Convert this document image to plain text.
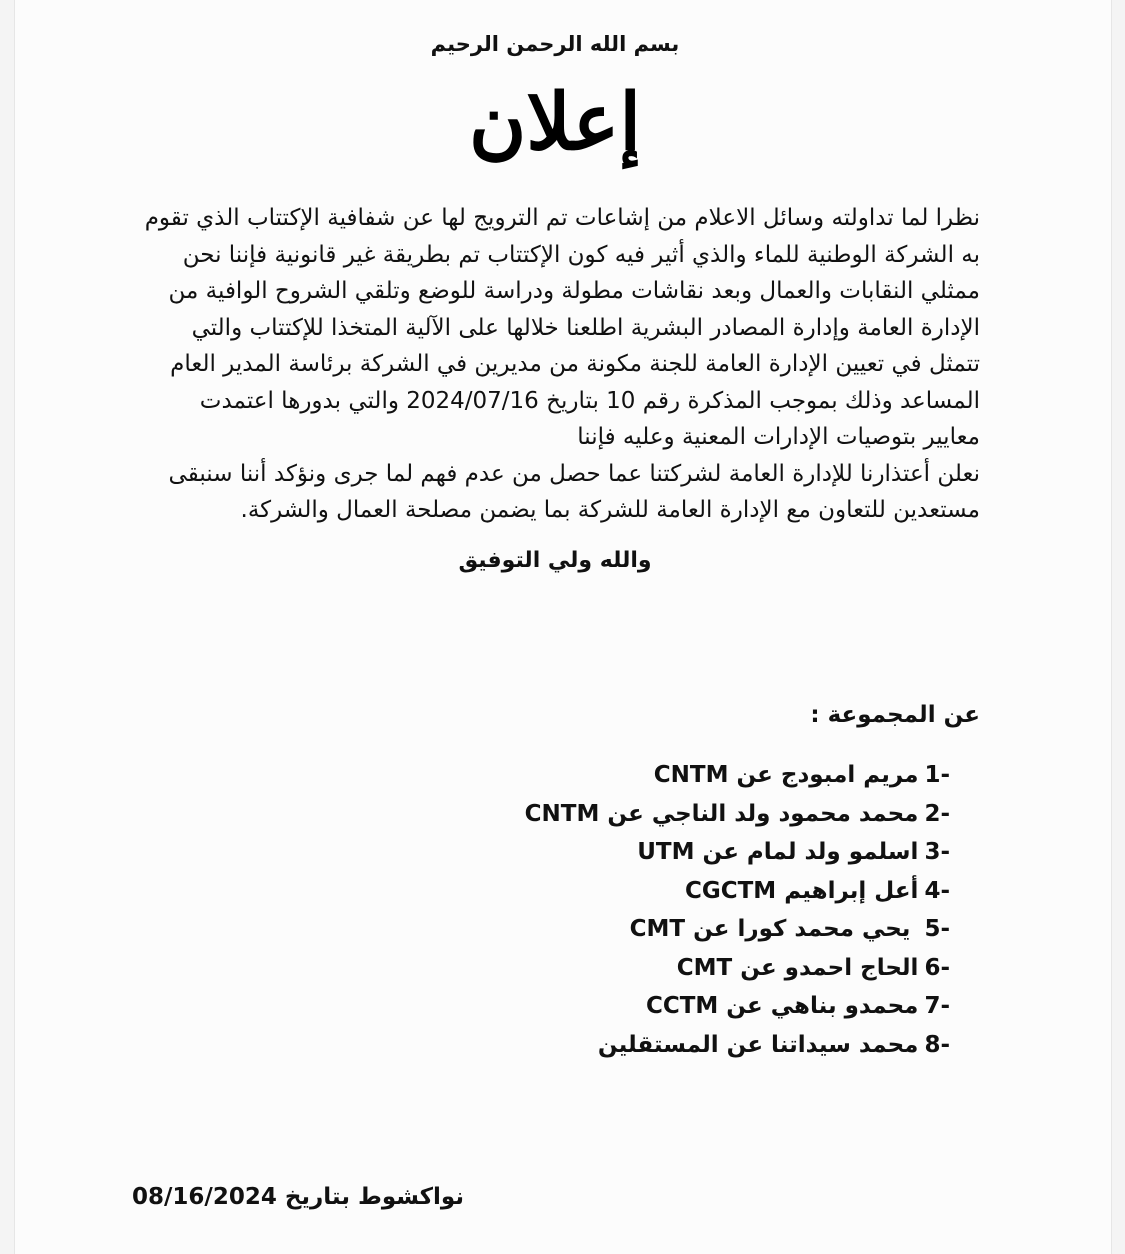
بسم الله الرحمن الرحيم
إعلان

نظرا لما تداولته وسائل الاعلام من إشاعات تم الترويج لها عن شفافية الإكتتاب الذي تقوم به الشركة الوطنية للماء والذي أثير فيه كون الإكتتاب تم بطريقة غير قانونية فإننا نحن ممثلي النقابات والعمال وبعد نقاشات مطولة ودراسة للوضع وتلقي الشروح الوافية من الإدارة العامة وإدارة المصادر البشرية اطلعنا خلالها على الآلية المتخذا للإكتتاب والتي تتمثل في تعيين الإدارة العامة للجنة مكونة من مديرين في الشركة برئاسة المدير العام المساعد وذلك بموجب المذكرة رقم 10 بتاريخ 2024/07/16 والتي بدورها اعتمدت معايير بتوصيات الإدارات المعنية وعليه فإننا

نعلن أعتذارنا للإدارة العامة لشركتنا عما حصل من عدم فهم لما جرى ونؤكد أننا سنبقى مستعدين للتعاون مع الإدارة العامة للشركة بما يضمن مصلحة العمال والشركة.

والله ولي التوفيق
عن المجموعة :
-1مريم امبودج عن CNTM
-2محمد محمود ولد الناجي عن CNTM
-3اسلمو ولد لمام عن UTM
-4أعل إبراهيم CGCTM
-5 يحي محمد كورا عن CMT
-6الحاج احمدو عن CMT
-7محمدو بناهي عن CCTM
-8محمد سيداتنا عن المستقلين
نواكشوط بتاريخ 08/16/2024
